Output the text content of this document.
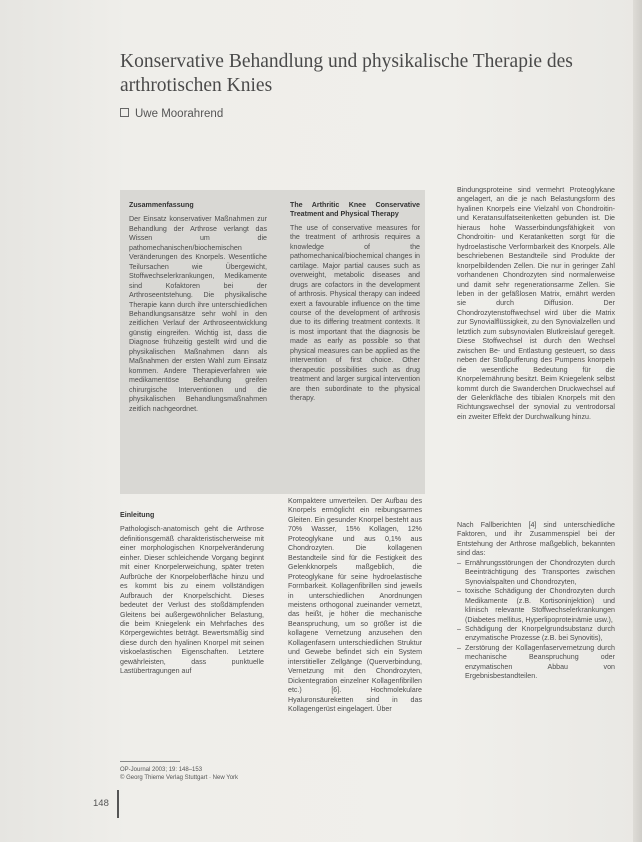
Konservative Behandlung und physikalische Therapie des arthrotischen Knies
Uwe Moorahrend
Zusammenfassung

Der Einsatz konservativer Maßnahmen zur Behandlung der Arthrose verlangt das Wissen um die pathomechanischen/biochemischen Veränderungen des Knorpels. Wesentliche Teilursachen wie Übergewicht, Stoffwechselerkrankungen, Medikamente sind Kofaktoren bei der Arthroseentstehung. Die physikalische Therapie kann durch ihre unterschiedlichen Behandlungsansätze sehr wohl in den zeitlichen Verlauf der Arthroseentwicklung günstig eingreifen. Wichtig ist, dass die Diagnose frühzeitig gestellt wird und die physikalischen Maßnahmen dann als Maßnahmen der ersten Wahl zum Einsatz kommen. Andere Therapieverfahren wie medikamentöse Behandlung greifen chirurgische Interventionen und die physikalischen Behandlungsmaßnahmen zeitlich nachgeordnet.

The Arthritic Knee Conservative Treatment and Physical Therapy

The use of conservative measures for the treatment of arthrosis requires a knowledge of the pathomechanical/biochemical changes in cartilage. Major partial causes such as overweight, metabolic diseases and drugs are cofactors in the development of arthrosis. Physical therapy can indeed exert a favourable influence on the time course of the development of arthrosis due to its differing treatment contexts. It is most important that the diagnosis be made as early as possible so that physical measures can be applied as the intervention of first choice. Other therapeutic possibilities such as drug treatment and larger surgical intervention are then subordinate to the physical therapy.

Einleitung

Pathologisch-anatomisch geht die Arthrose definitionsgemäß charakteristischerweise mit einer morphologischen Knorpelveränderung einher. Dieser schleichende Vorgang beginnt mit einer Knorpelerweichung, später treten Aufbrüche der Knorpeloberfläche hinzu und es kommt bis zu einem vollständigen Aufbrauch der Knorpelschicht. Dieses bedeutet der Verlust des stoßdämpfenden Gleitens bei außergewöhnlicher Belastung, die beim Kniegelenk ein Mehrfaches des Körpergewichtes beträgt. Bewertsmäßig sind diese durch den hyalinen Knorpel mit seinen viskoelastischen Eigenschaften. Letztere gewährleisten, dass punktuelle Lastübertragungen auf

Kompaktere umverteilen. Der Aufbau des Knorpels ermöglicht ein reibungsarmes Gleiten. Ein gesunder Knorpel besteht aus 70% Wasser, 15% Kollagen, 12% Proteoglykane und aus 0,1% aus Chondrozyten. Die kollagenen Bestandteile sind für die Festigkeit des Gelenkknorpels maßgeblich, die Proteoglykane für seine hydroelastische Formbarkeit. Kollagenfibrillen sind jeweils in unterschiedlichen Anordnungen meistens orthogonal zueinander vernetzt, das heißt, je höher die mechanische Beanspruchung, um so größer ist die kollagene Vernetzung anzusehen den Kollagenfasern unterschiedlichen Struktur und Gewebe befindet sich ein System interstitieller Zellgänge (Querverbindung, Vernetzung mit den Chondrozyten, Dickentegration einzelner Kollagenfibrillen etc.) [6]. Hochmolekulare Hyaluronsäureketten sind in das Kollagengerüst eingelagert. Über

Bindungsproteine sind vermehrt Proteoglykane angelagert, an die je nach Belastungsform des hyalinen Knorpels eine Vielzahl von Chondroitin- und Keratansulfatseitenketten gebunden ist. Die hieraus hohe Wasserbindungsfähigkeit von Chondroitin- und Keratanketten sorgt für die hydroelastische Verformbarkeit des Knorpels. Alle beschriebenen Bestandteile sind Produkte der knorpelbildenden Zellen. Die nur in geringer Zahl vorhandenen Chondrozyten sind normalerweise und damit sehr regenerationsarme Zellen. Sie leben in der gefäßlosen Matrix, ernährt werden sie durch Diffusion. Der Chondrozytenstoffwechsel wird über die Matrix zur Synovialflüssigkeit, zu den Synovialzellen und letztlich zum subsynovialen Blutkreislauf geregelt. Diese Stoffwechsel ist durch den Wechsel zwischen Be- und Entlastung gesteuert, so dass neben der Stoßpufferung des Pumpens knorpeln die wesentliche Bedeutung für die Knorpelernährung besitzt. Beim Kniegelenk selbst kommt durch die Swanderchen Druckwechsel auf der Gelenkfläche des tibialen Knorpels mit den Richtungswechsel der synovial zu ventrodorsal ein zweiter Effekt der Durchwalkung hinzu.

Nach Fallberichten [4] sind unterschiedliche Faktoren, und ihr Zusammenspiel bei der Entstehung der Arthrose maßgeblich, bekannten sind das:

– Ernährungsstörungen der Chondrozyten durch Beeinträchtigung des Transportes zwischen Synovialspalten und Chondrozyten,
– toxische Schädigung der Chondrozyten durch Medikamente (z.B. Kortisoninjektion) und klinisch relevante Stoffwechselerkrankungen (Diabetes mellitus, Hyperlipoproteinämie usw.),
– Schädigung der Knorpelgrundsubstanz durch enzymatische Prozesse (z.B. bei Synovitis),
– Zerstörung der Kollagenfaservernetzung durch mechanische Beanspruchung oder enzymatischen Abbau von Ergebnisbestandteilen.
OP-Journal 2003; 19: 148–153
© Georg Thieme Verlag Stuttgart · New York
148
